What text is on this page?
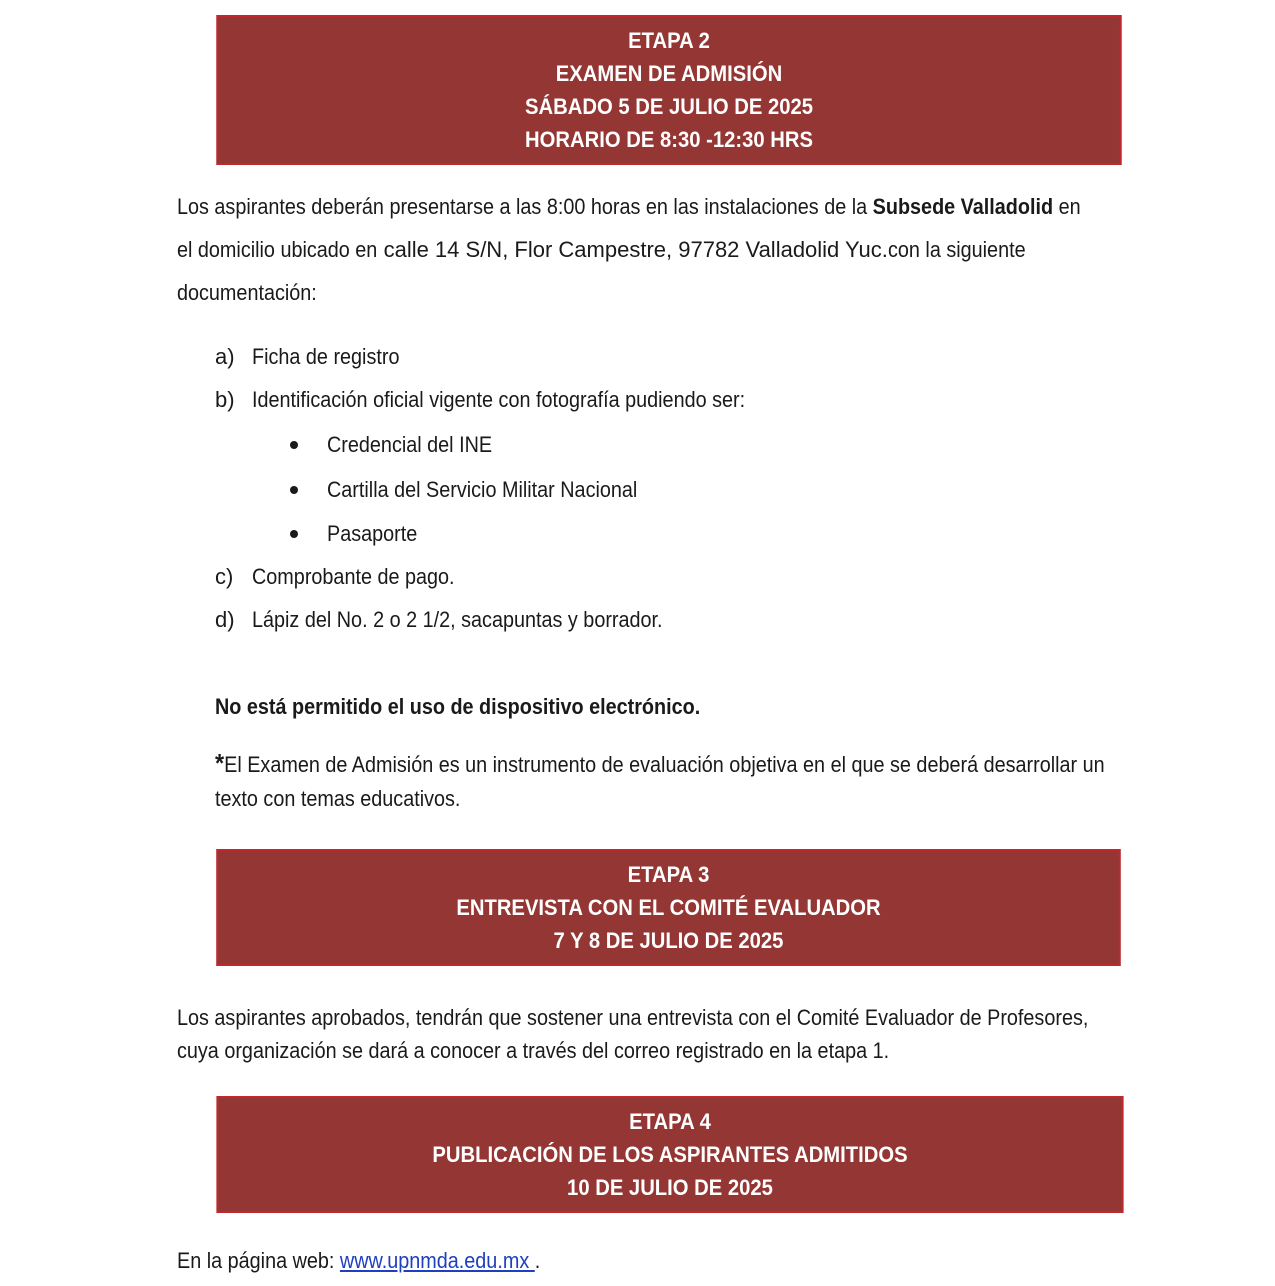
ETAPA 2
EXAMEN DE ADMISIÓN
SÁBADO 5 DE JULIO DE 2025
HORARIO DE 8:30 -12:30 HRS
Los aspirantes deberán presentarse a las 8:00 horas en las instalaciones de la Subsede Valladolid en
el domicilio ubicado encalle 14 S/N, Flor Campestre, 97782 Valladolid Yuc.con la siguiente
documentación:
a) Ficha de registro
b) Identificación oficial vigente con fotografía pudiendo ser:
Credencial del INE
Cartilla del Servicio Militar Nacional
Pasaporte
c) Comprobante de pago.
d) Lápiz del No. 2 o 2 1/2, sacapuntas y borrador.
No está permitido el uso de dispositivo electrónico.
*El Examen de Admisión es un instrumento de evaluación objetiva en el que se deberá desarrollar un
texto con temas educativos.
ETAPA 3
ENTREVISTA CON EL COMITÉ EVALUADOR
7 Y 8 DE JULIO DE 2025
Los aspirantes aprobados, tendrán que sostener una entrevista con el Comité Evaluador de Profesores,
cuya organización se dará a conocer a través del correo registrado en la etapa 1.
ETAPA 4
PUBLICACIÓN DE LOS ASPIRANTES ADMITIDOS
10 DE JULIO DE 2025
En la página web: www.upnmda.edu.mx .
